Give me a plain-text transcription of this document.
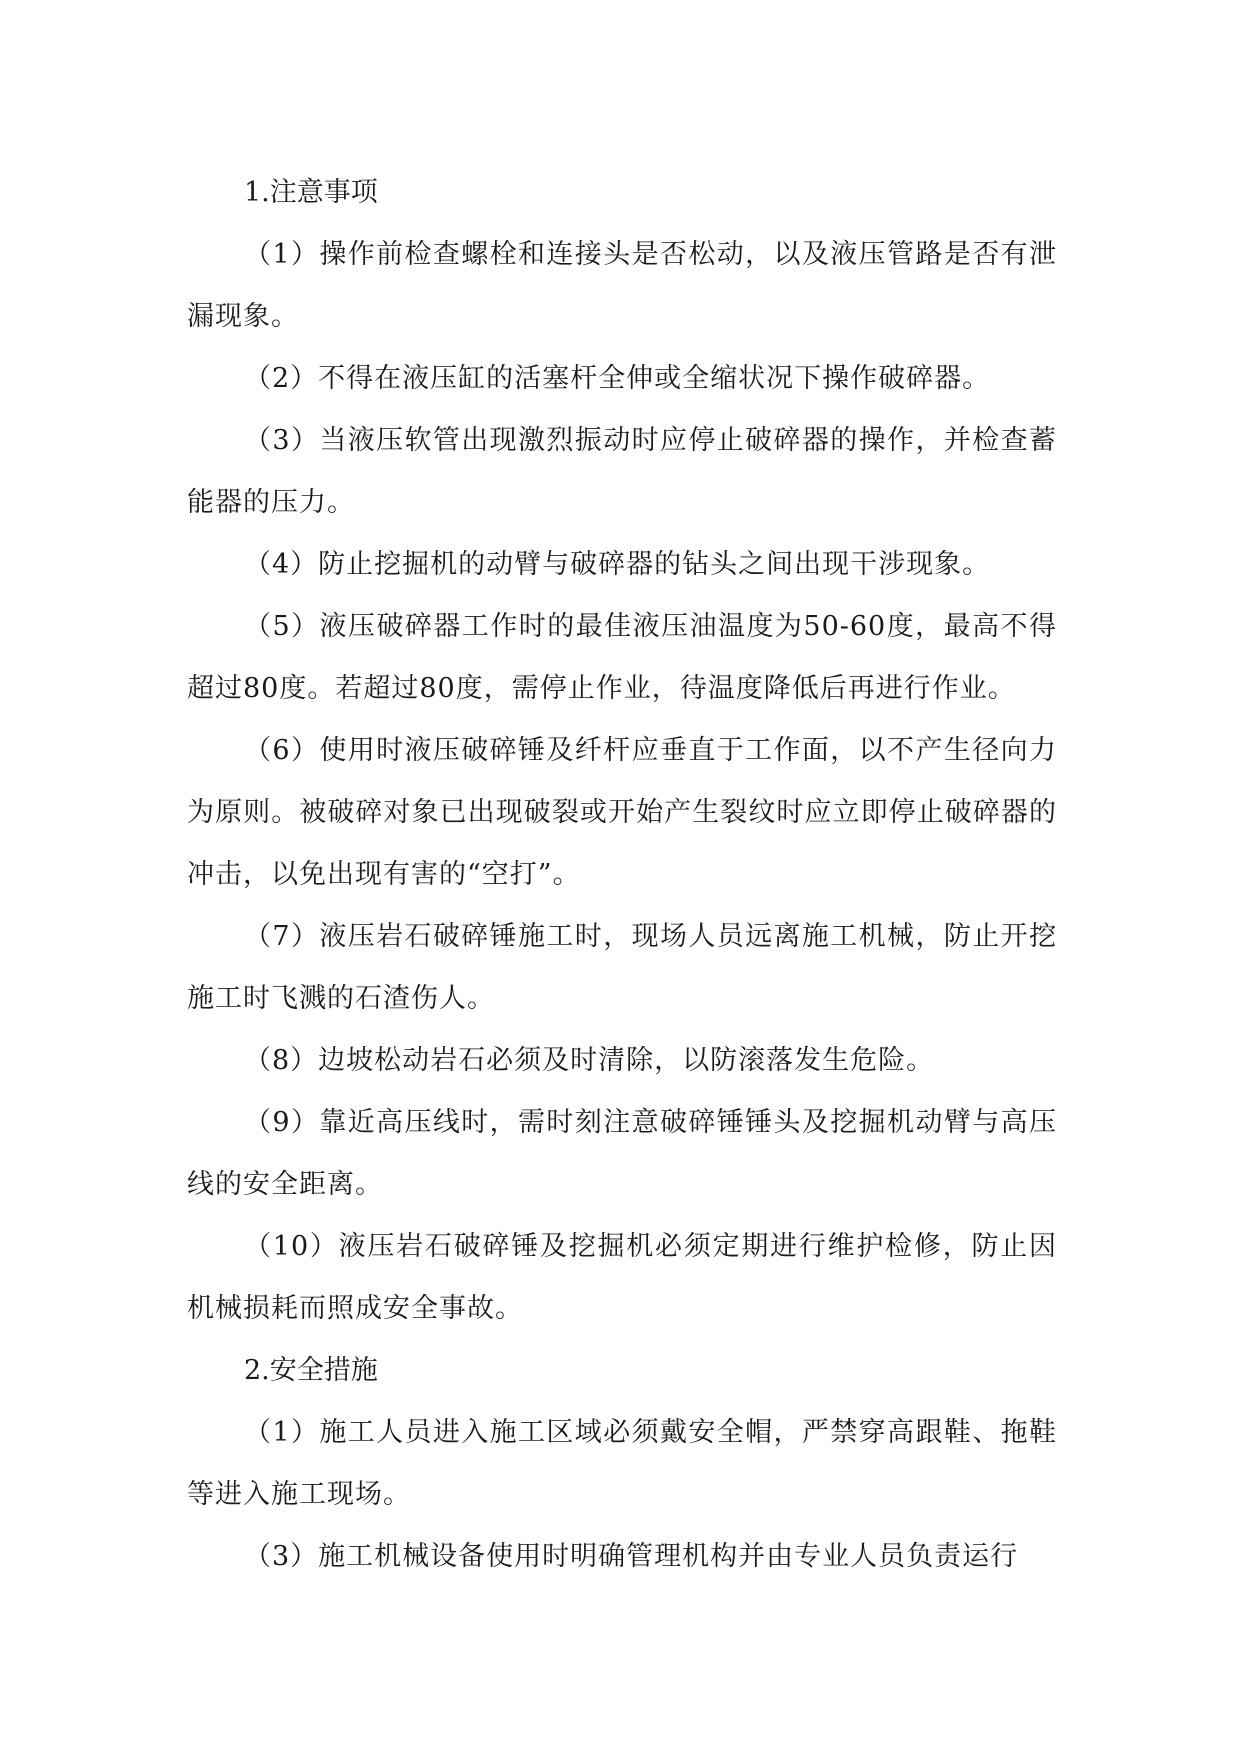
1.注意事项

（1）操作前检查螺栓和连接头是否松动，以及液压管路是否有泄漏现象。

（2）不得在液压缸的活塞杆全伸或全缩状况下操作破碎器。

（3）当液压软管出现激烈振动时应停止破碎器的操作，并检查蓄能器的压力。

（4）防止挖掘机的动臂与破碎器的钻头之间出现干涉现象。

（5）液压破碎器工作时的最佳液压油温度为50-60度，最高不得超过80度。若超过80度，需停止作业，待温度降低后再进行作业。

（6）使用时液压破碎锤及纤杆应垂直于工作面，以不产生径向力为原则。被破碎对象已出现破裂或开始产生裂纹时应立即停止破碎器的冲击，以免出现有害的“空打”。

（7）液压岩石破碎锤施工时，现场人员远离施工机械，防止开挖施工时飞溅的石渣伤人。

（8）边坡松动岩石必须及时清除，以防滚落发生危险。

（9）靠近高压线时，需时刻注意破碎锤锤头及挖掘机动臂与高压线的安全距离。

（10）液压岩石破碎锤及挖掘机必须定期进行维护检修，防止因机械损耗而照成安全事故。

2.安全措施

（1）施工人员进入施工区域必须戴安全帽，严禁穿高跟鞋、拖鞋等进入施工现场。

（3）施工机械设备使用时明确管理机构并由专业人员负责运行
